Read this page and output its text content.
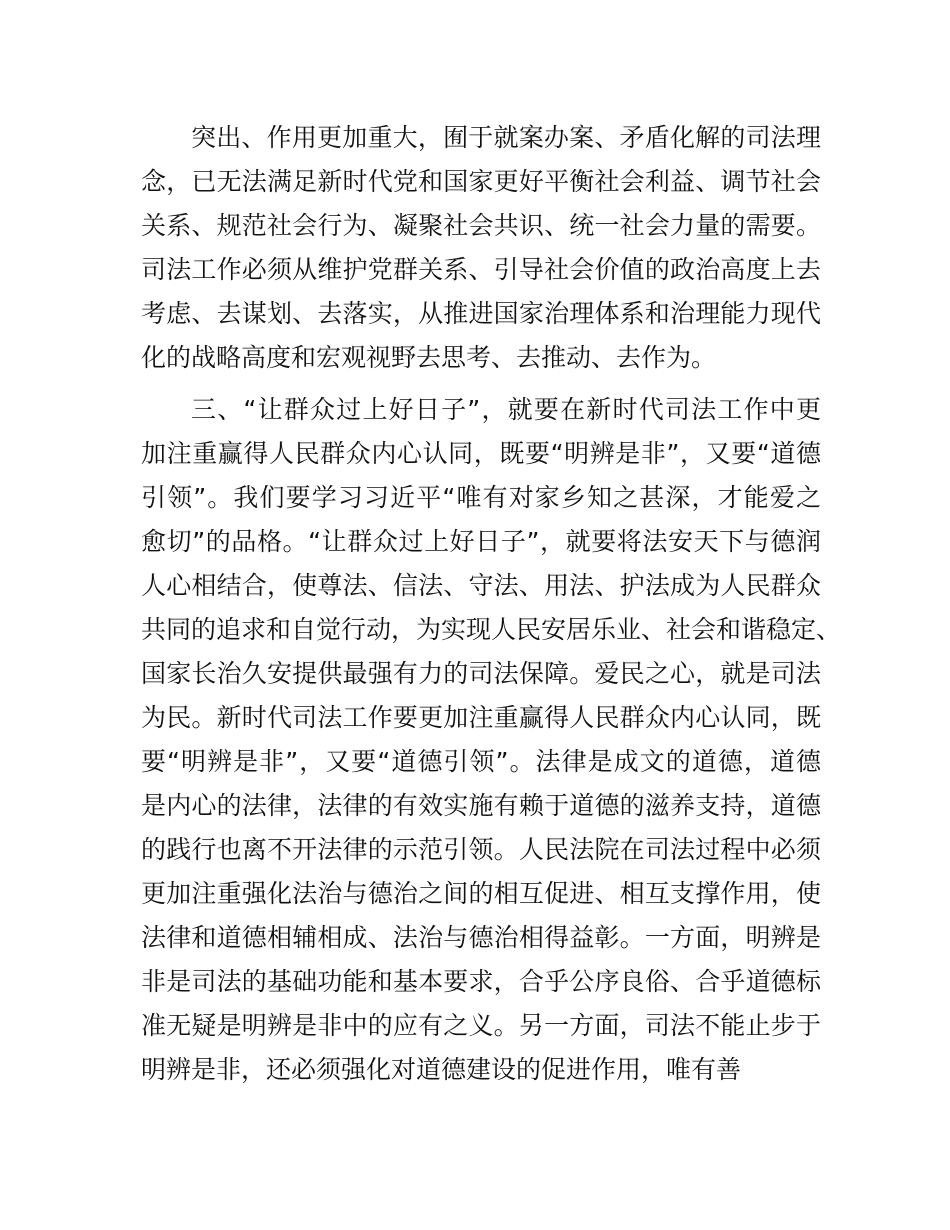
突出、作用更加重大，囿于就案办案、矛盾化解的司法理

念，已无法满足新时代党和国家更好平衡社会利益、调节社会

关系、规范社会行为、凝聚社会共识、统一社会力量的需要。

司法工作必须从维护党群关系、引导社会价值的政治高度上去

考虑、去谋划、去落实，从推进国家治理体系和治理能力现代

化的战略高度和宏观视野去思考、去推动、去作为。

三、“让群众过上好日子”，就要在新时代司法工作中更

加注重赢得人民群众内心认同，既要“明辨是非”，又要“道德

引领”。我们要学习习近平“唯有对家乡知之甚深，才能爱之

愈切”的品格。“让群众过上好日子”，就要将法安天下与德润

人心相结合，使尊法、信法、守法、用法、护法成为人民群众

共同的追求和自觉行动，为实现人民安居乐业、社会和谐稳定、

国家长治久安提供最强有力的司法保障。爱民之心，就是司法

为民。新时代司法工作要更加注重赢得人民群众内心认同，既

要“明辨是非”，又要“道德引领”。法律是成文的道德，道德

是内心的法律，法律的有效实施有赖于道德的滋养支持，道德

的践行也离不开法律的示范引领。人民法院在司法过程中必须

更加注重强化法治与德治之间的相互促进、相互支撑作用，使

法律和道德相辅相成、法治与德治相得益彰。一方面，明辨是

非是司法的基础功能和基本要求，合乎公序良俗、合乎道德标

准无疑是明辨是非中的应有之义。另一方面，司法不能止步于

明辨是非，还必须强化对道德建设的促进作用，唯有善
